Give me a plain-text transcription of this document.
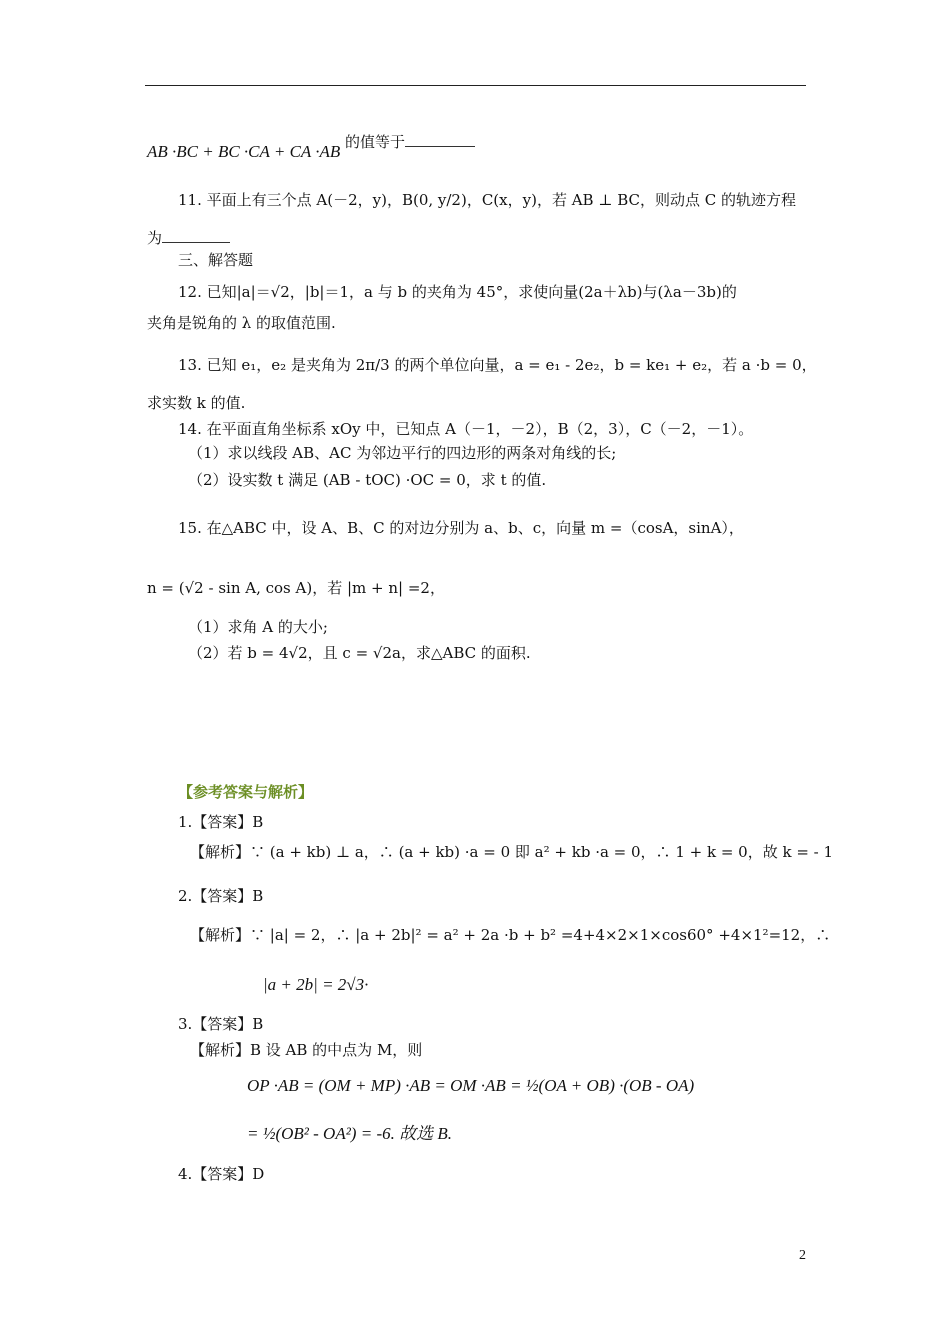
AB ·BC + BC ·CA + CA ·AB 的值等于
11. 平面上有三个点 A(－2，y)，B(0, y/2)，C(x，y)，若 AB ⊥ BC，则动点 C 的轨迹方程
为
三、解答题
12. 已知|a|＝√2，|b|＝1，a 与 b 的夹角为 45°，求使向量(2a＋λb)与(λa－3b)的
夹角是锐角的 λ 的取值范围.
13. 已知 e₁，e₂ 是夹角为 2π/3 的两个单位向量，a = e₁ - 2e₂，b = ke₁ + e₂，若 a ·b = 0，
求实数 k 的值.
14. 在平面直角坐标系 xOy 中，已知点 A（－1，－2），B（2，3），C（－2，－1）。
（1）求以线段 AB、AC 为邻边平行的四边形的两条对角线的长;
（2）设实数 t 满足 (AB - tOC) ·OC = 0，求 t 的值.
15. 在△ABC 中，设 A、B、C 的对边分别为 a、b、c，向量 m =（cosA，sinA），
n = (√2 - sin A, cos A)，若 |m + n| =2，
（1）求角 A 的大小;
（2）若 b = 4√2，且 c = √2a，求△ABC 的面积.
【参考答案与解析】
1.【答案】B
【解析】∵ (a + kb) ⊥ a，∴ (a + kb) ·a = 0 即 a² + kb ·a = 0，∴ 1 + k = 0，故 k = - 1
2.【答案】B
【解析】∵ |a| = 2，∴ |a + 2b|² = a² + 2a ·b + b² =4+4×2×1×cos60° +4×1²=12，∴
|a + 2b| = 2√3·
3.【答案】B
【解析】B 设 AB 的中点为 M，则
OP ·AB = (OM + MP) ·AB = OM ·AB = ½(OA + OB) ·(OB - OA)
= ½(OB² - OA²) = -6. 故选 B.
4.【答案】D
2
